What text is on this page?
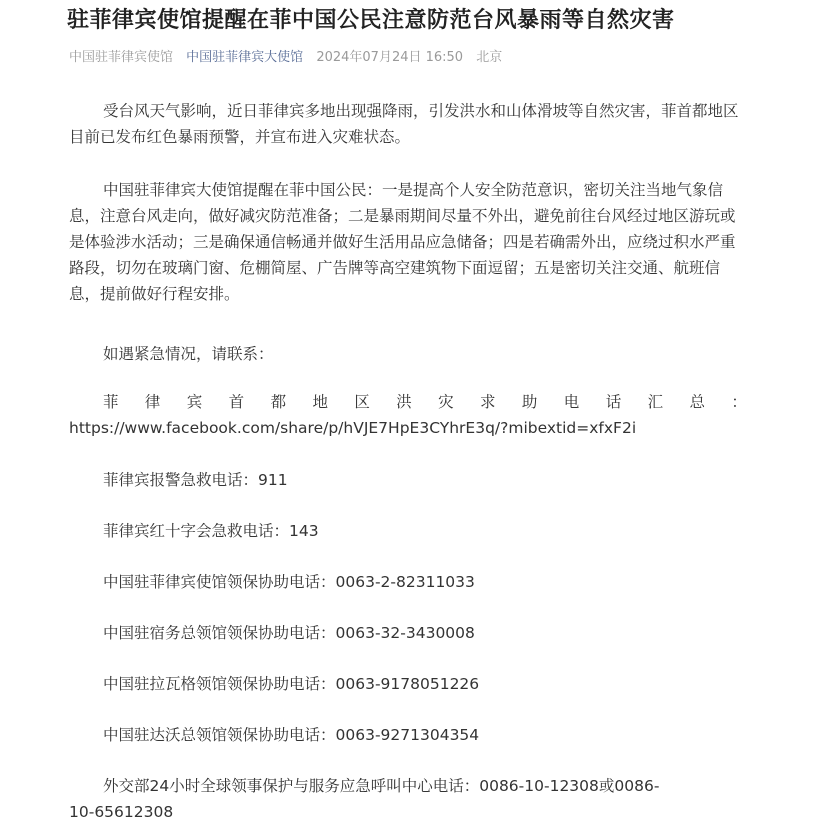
驻菲律宾使馆提醒在菲中国公民注意防范台风暴雨等自然灾害
中国驻菲律宾使馆 中国驻菲律宾大使馆 2024年07月24日 16:50 北京

受台风天气影响，近日菲律宾多地出现强降雨，引发洪水和山体滑坡等自然灾害，菲首都地区目前已发布红色暴雨预警，并宣布进入灾难状态。

中国驻菲律宾大使馆提醒在菲中国公民：一是提高个人安全防范意识，密切关注当地气象信息，注意台风走向，做好减灾防范准备；二是暴雨期间尽量不外出，避免前往台风经过地区游玩或是体验涉水活动；三是确保通信畅通并做好生活用品应急储备；四是若确需外出，应绕过积水严重路段，切勿在玻璃门窗、危棚简屋、广告牌等高空建筑物下面逗留；五是密切关注交通、航班信息，提前做好行程安排。

如遇紧急情况，请联系：
菲 律 宾 首 都 地 区 洪 灾 求 助 电 话 汇 总 ：
https://www.facebook.com/share/p/hVJE7HpE3CYhrE3q/?mibextid=xfxF2i
菲律宾报警急救电话：911
菲律宾红十字会急救电话：143
中国驻菲律宾使馆领保协助电话：0063-2-82311033
中国驻宿务总领馆领保协助电话：0063-32-3430008
中国驻拉瓦格领馆领保协助电话：0063-9178051226
中国驻达沃总领馆领保协助电话：0063-9271304354
外交部24小时全球领事保护与服务应急呼叫中心电话：0086-10-12308或0086-
10-65612308
